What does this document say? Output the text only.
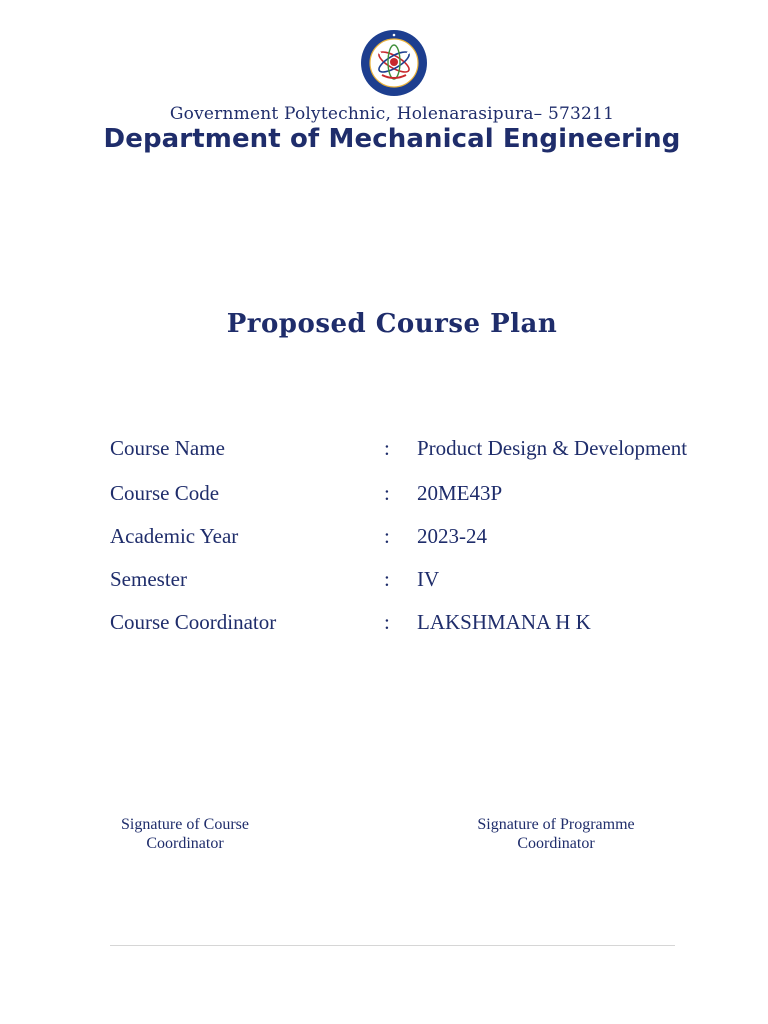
Government Polytechnic, Holenarasipura– 573211
Department of Mechanical Engineering
Proposed Course Plan
Course Name	: Product Design & Development
Course Code	: 20ME43P
Academic Year	: 2023-24
Semester	: IV
Course Coordinator	: LAKSHMANA H K
Signature of Course
Coordinator
Signature of Programme
Coordinator
